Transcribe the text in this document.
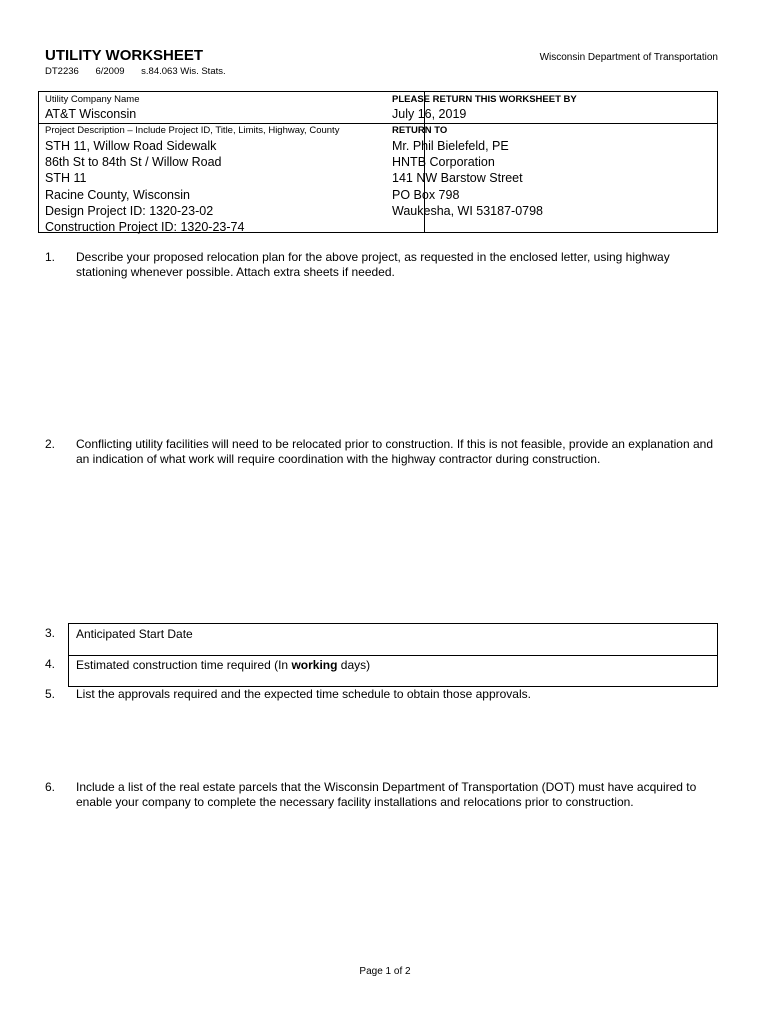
UTILITY WORKSHEET	Wisconsin Department of Transportation
DT2236 6/2009 s.84.063 Wis. Stats.
Utility Company Name
AT&T Wisconsin
PLEASE RETURN THIS WORKSHEET BY
July 16, 2019
Project Description – Include Project ID, Title, Limits, Highway, County
STH 11, Willow Road Sidewalk
86th St to 84th St / Willow Road
STH 11
Racine County, Wisconsin
Design Project ID: 1320-23-02
Construction Project ID: 1320-23-74
RETURN TO
Mr. Phil Bielefeld, PE
HNTB Corporation
141 NW Barstow Street
PO Box 798
Waukesha, WI 53187-0798
1. Describe your proposed relocation plan for the above project, as requested in the enclosed letter, using highway stationing whenever possible. Attach extra sheets if needed.
2. Conflicting utility facilities will need to be relocated prior to construction. If this is not feasible, provide an explanation and an indication of what work will require coordination with the highway contractor during construction.
3.
4.
Anticipated Start Date
Estimated construction time required (In working days)
5. List the approvals required and the expected time schedule to obtain those approvals.
6. Include a list of the real estate parcels that the Wisconsin Department of Transportation (DOT) must have acquired to enable your company to complete the necessary facility installations and relocations prior to construction.
Page 1 of 2
